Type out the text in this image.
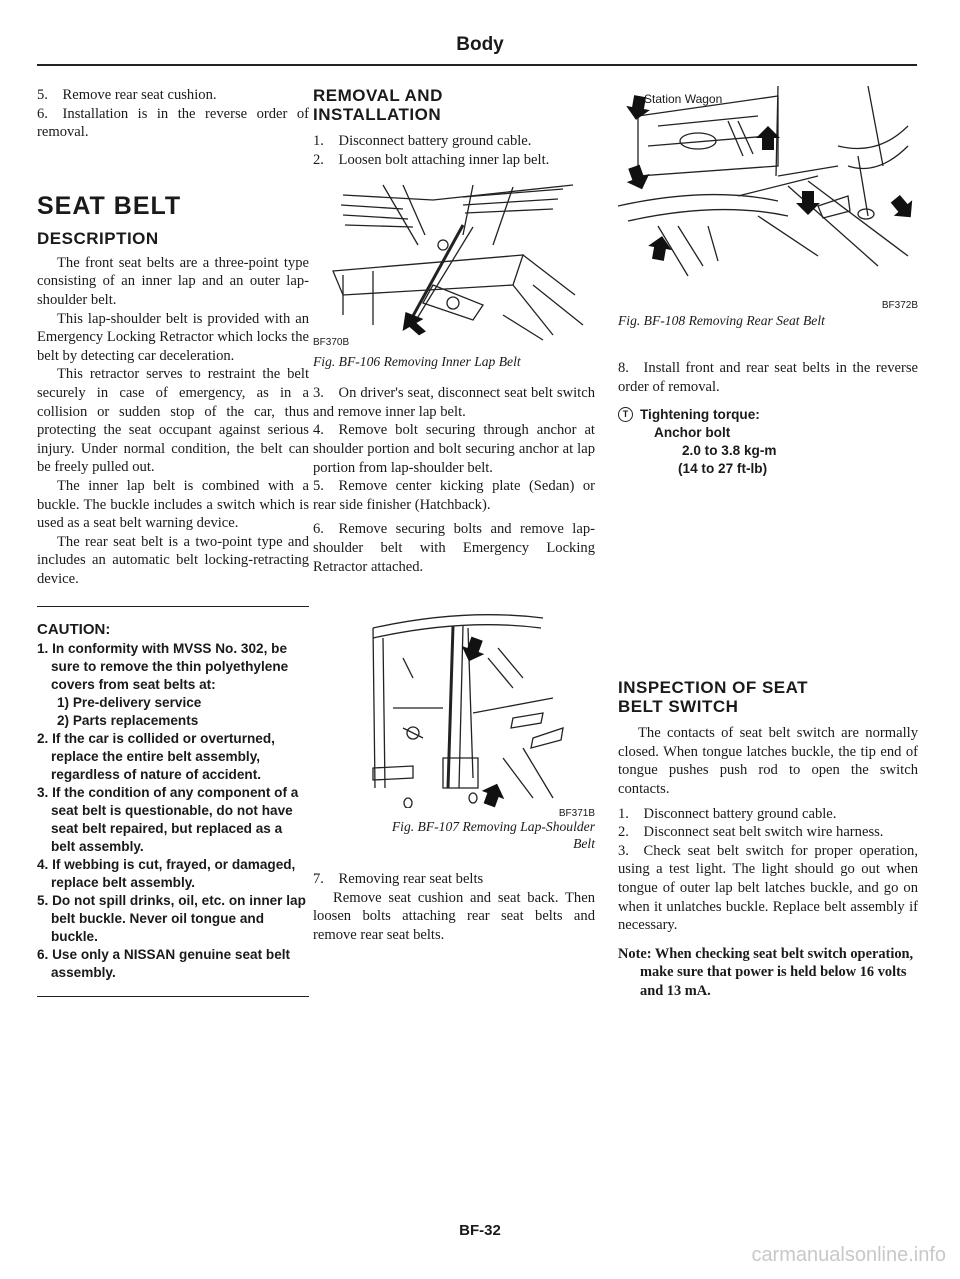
Body

5. Remove rear seat cushion.

6. Installation is in the reverse order of removal.

SEAT BELT
DESCRIPTION

The front seat belts are a three-point type consisting of an inner lap and an outer lap-shoulder belt.

This lap-shoulder belt is provided with an Emergency Locking Retractor which locks the belt by detecting car deceleration.

This retractor serves to restraint the belt securely in case of emergency, as in a collision or sudden stop of the car, thus protecting the seat occupant against serious injury. Under normal condition, the belt can be freely pulled out.

The inner lap belt is combined with a buckle. The buckle includes a switch which is used as a seat belt warning device.

The rear seat belt is a two-point type and includes an automatic belt locking-retracting device.

CAUTION:

1. In conformity with MVSS No. 302, be sure to remove the thin polyethylene covers from seat belts at:
1) Pre-delivery service
2) Parts replacements
2. If the car is collided or overturned, replace the entire belt assembly, regardless of nature of accident.
3. If the condition of any component of a seat belt is questionable, do not have seat belt repaired, but replaced as a belt assembly.
4. If webbing is cut, frayed, or damaged, replace belt assembly.
5. Do not spill drinks, oil, etc. on inner lap belt buckle. Never oil tongue and buckle.
6. Use only a NISSAN genuine seat belt assembly.
REMOVAL AND
INSTALLATION

1. Disconnect battery ground cable.

2. Loosen bolt attaching inner lap belt.

BF370B

Fig. BF-106 Removing Inner Lap Belt

3. On driver's seat, disconnect seat belt switch and remove inner lap belt.

4. Remove bolt securing through anchor at shoulder portion and bolt securing anchor at lap portion from lap-shoulder belt.

5. Remove center kicking plate (Sedan) or rear side finisher (Hatchback).

6. Remove securing bolts and remove lap-shoulder belt with Emergency Locking Retractor attached.

BF371B

Fig. BF-107 Removing Lap-Shoulder

Belt

7. Removing rear seat belts

Remove seat cushion and seat back. Then loosen bolts attaching rear seat belts and remove rear seat belts.

Station Wagon
BF372B

Fig. BF-108 Removing Rear Seat Belt

8. Install front and rear seat belts in the reverse order of removal.

T Tightening torque:

Anchor bolt

2.0 to 3.8 kg-m

(14 to 27 ft-lb)

INSPECTION OF SEAT
BELT SWITCH

The contacts of seat belt switch are normally closed. When tongue latches buckle, the tip end of tongue pushes push rod to open the switch contacts.

1. Disconnect battery ground cable.

2. Disconnect seat belt switch wire harness.

3. Check seat belt switch for proper operation, using a test light. The light should go out when tongue of outer lap belt latches buckle, and go on when it unlatches buckle. Replace belt assembly if necessary.

Note: When checking seat belt switch operation, make sure that power is held below 16 volts and 13 mA.

BF-32
carmanualsonline.info
